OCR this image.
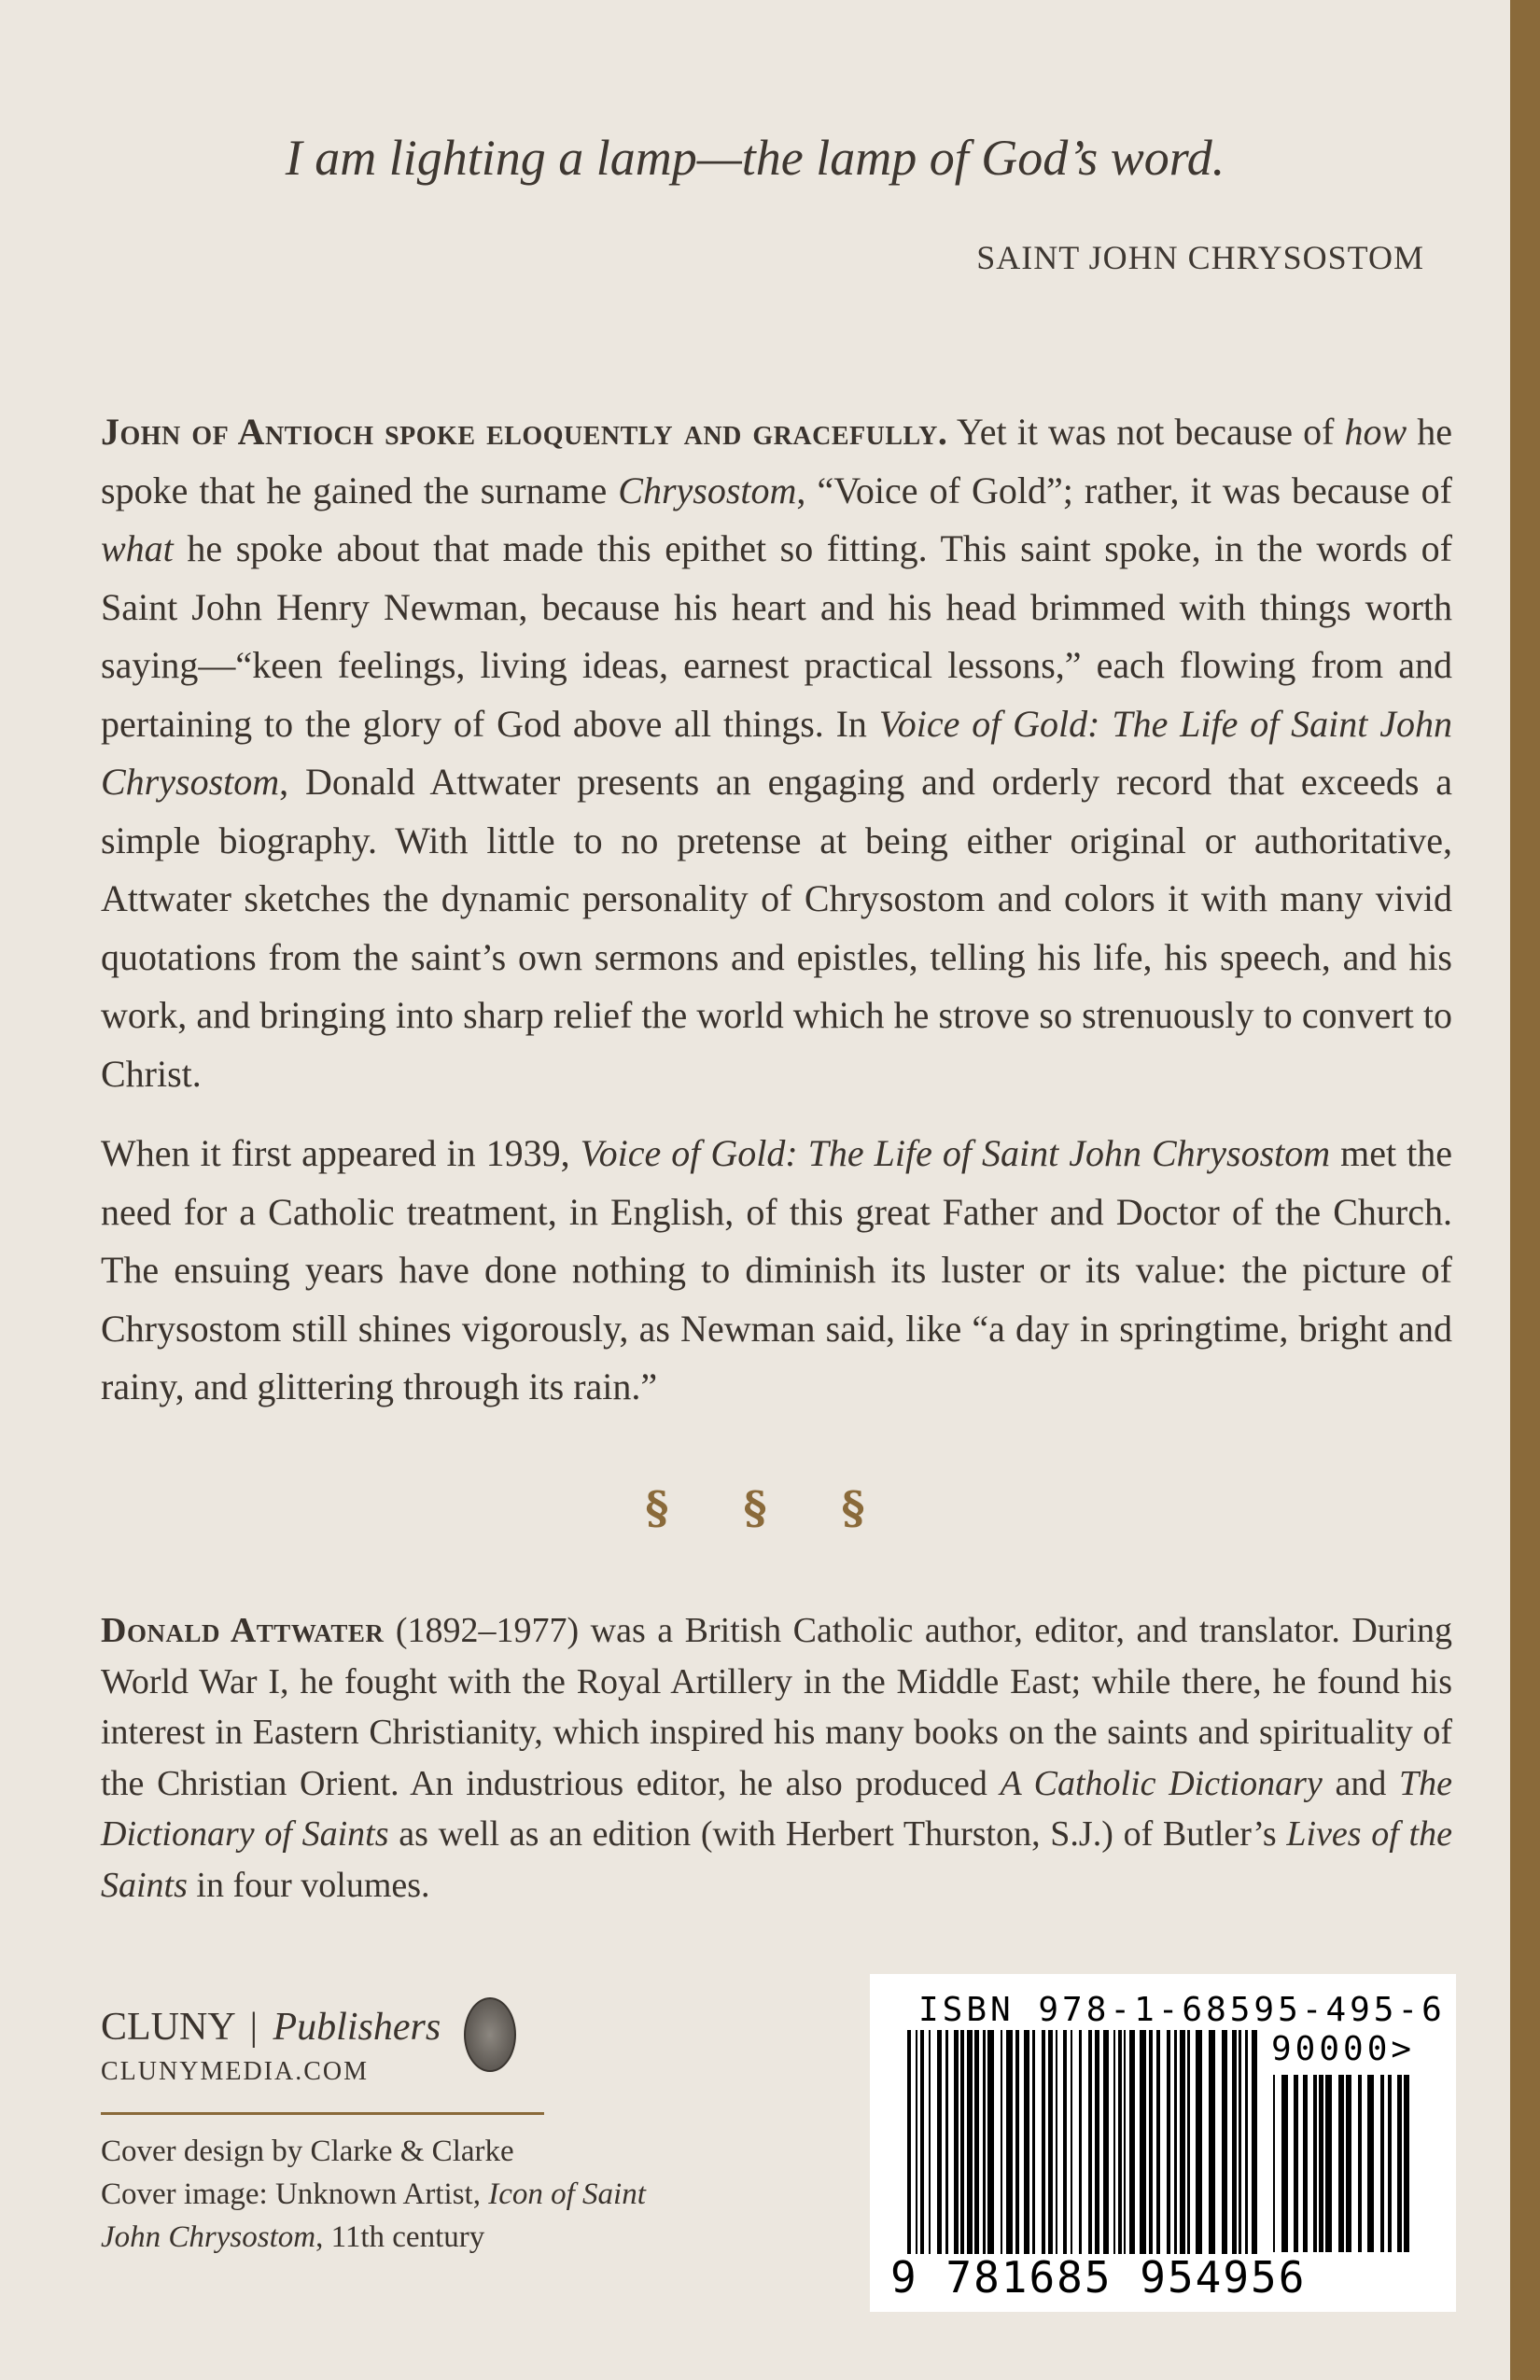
I am lighting a lamp—the lamp of God’s word.
SAINT JOHN CHRYSOSTOM
John of Antioch spoke eloquently and gracefully. Yet it was not because of how he spoke that he gained the surname Chrysostom, “Voice of Gold”; rather, it was because of what he spoke about that made this epithet so fitting. This saint spoke, in the words of Saint John Henry Newman, because his heart and his head brimmed with things worth saying—“keen feelings, living ideas, earnest practical lessons,” each flowing from and pertaining to the glory of God above all things. In Voice of Gold: The Life of Saint John Chrysostom, Donald Attwater presents an engaging and orderly record that exceeds a simple biography. With little to no pretense at being either original or authoritative, Attwater sketches the dynamic personality of Chrysostom and colors it with many vivid quotations from the saint’s own sermons and epistles, telling his life, his speech, and his work, and bringing into sharp relief the world which he strove so strenuously to convert to Christ.
When it first appeared in 1939, Voice of Gold: The Life of Saint John Chrysostom met the need for a Catholic treatment, in English, of this great Father and Doctor of the Church. The ensuing years have done nothing to diminish its luster or its value: the picture of Chrysostom still shines vigorously, as Newman said, like “a day in springtime, bright and rainy, and glittering through its rain.”
§ § §
Donald Attwater (1892–1977) was a British Catholic author, editor, and translator. During World War I, he fought with the Royal Artillery in the Middle East; while there, he found his interest in Eastern Christianity, which inspired his many books on the saints and spirituality of the Christian Orient. An industrious editor, he also produced A Catholic Dictionary and The Dictionary of Saints as well as an edition (with Herbert Thurston, S.J.) of Butler’s Lives of the Saints in four volumes.
CLUNY | Publishers
CLUNYMEDIA.COM
Cover design by Clarke & Clarke
Cover image: Unknown Artist, Icon of Saint John Chrysostom, 11th century
ISBN 978-1-68595-495-6
90000>
9 781685 954956
